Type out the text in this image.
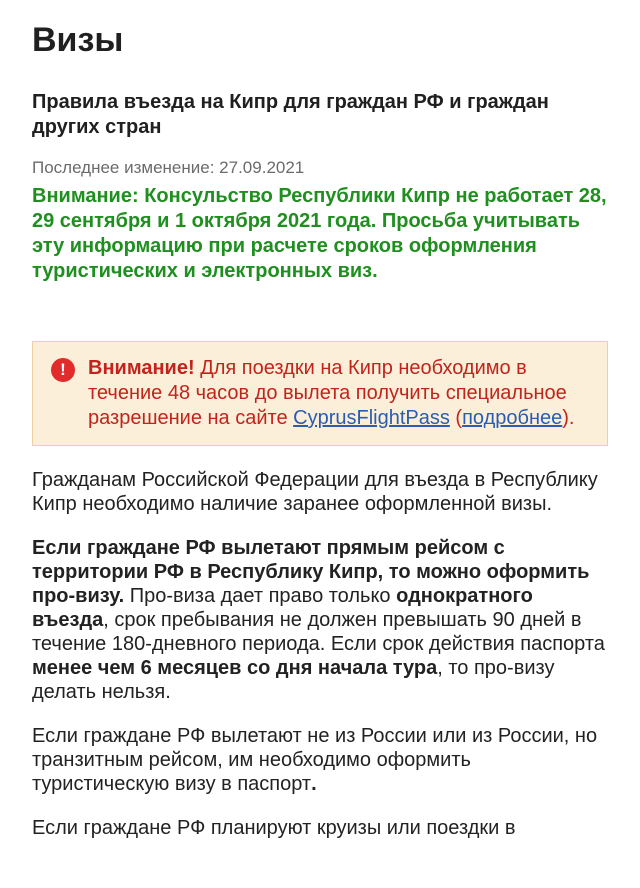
Визы
Правила въезда на Кипр для граждан РФ и граждан других стран
Последнее изменение: 27.09.2021
Внимание: Консульство Республики Кипр не работает 28, 29 сентября и 1 октября 2021 года. Просьба учитывать эту информацию при расчете сроков оформления туристических и электронных виз.
!	Внимание! Для поездки на Кипр необходимо в течение 48 часов до вылета получить специальное разрешение на сайте CyprusFlightPass (подробнее).

Гражданам Российской Федерации для въезда в Республику Кипр необходимо наличие заранее оформленной визы.

Если граждане РФ вылетают прямым рейсом с территории РФ в Республику Кипр, то можно оформить про-визу. Про-виза дает право только однократного въезда, срок пребывания не должен превышать 90 дней в течение 180-дневного периода. Если срок действия паспорта менее чем 6 месяцев со дня начала тура, то про-визу делать нельзя.

Если граждане РФ вылетают не из России или из России, но транзитным рейсом, им необходимо оформить туристическую визу в паспорт.

Если граждане РФ планируют круизы или поездки в
